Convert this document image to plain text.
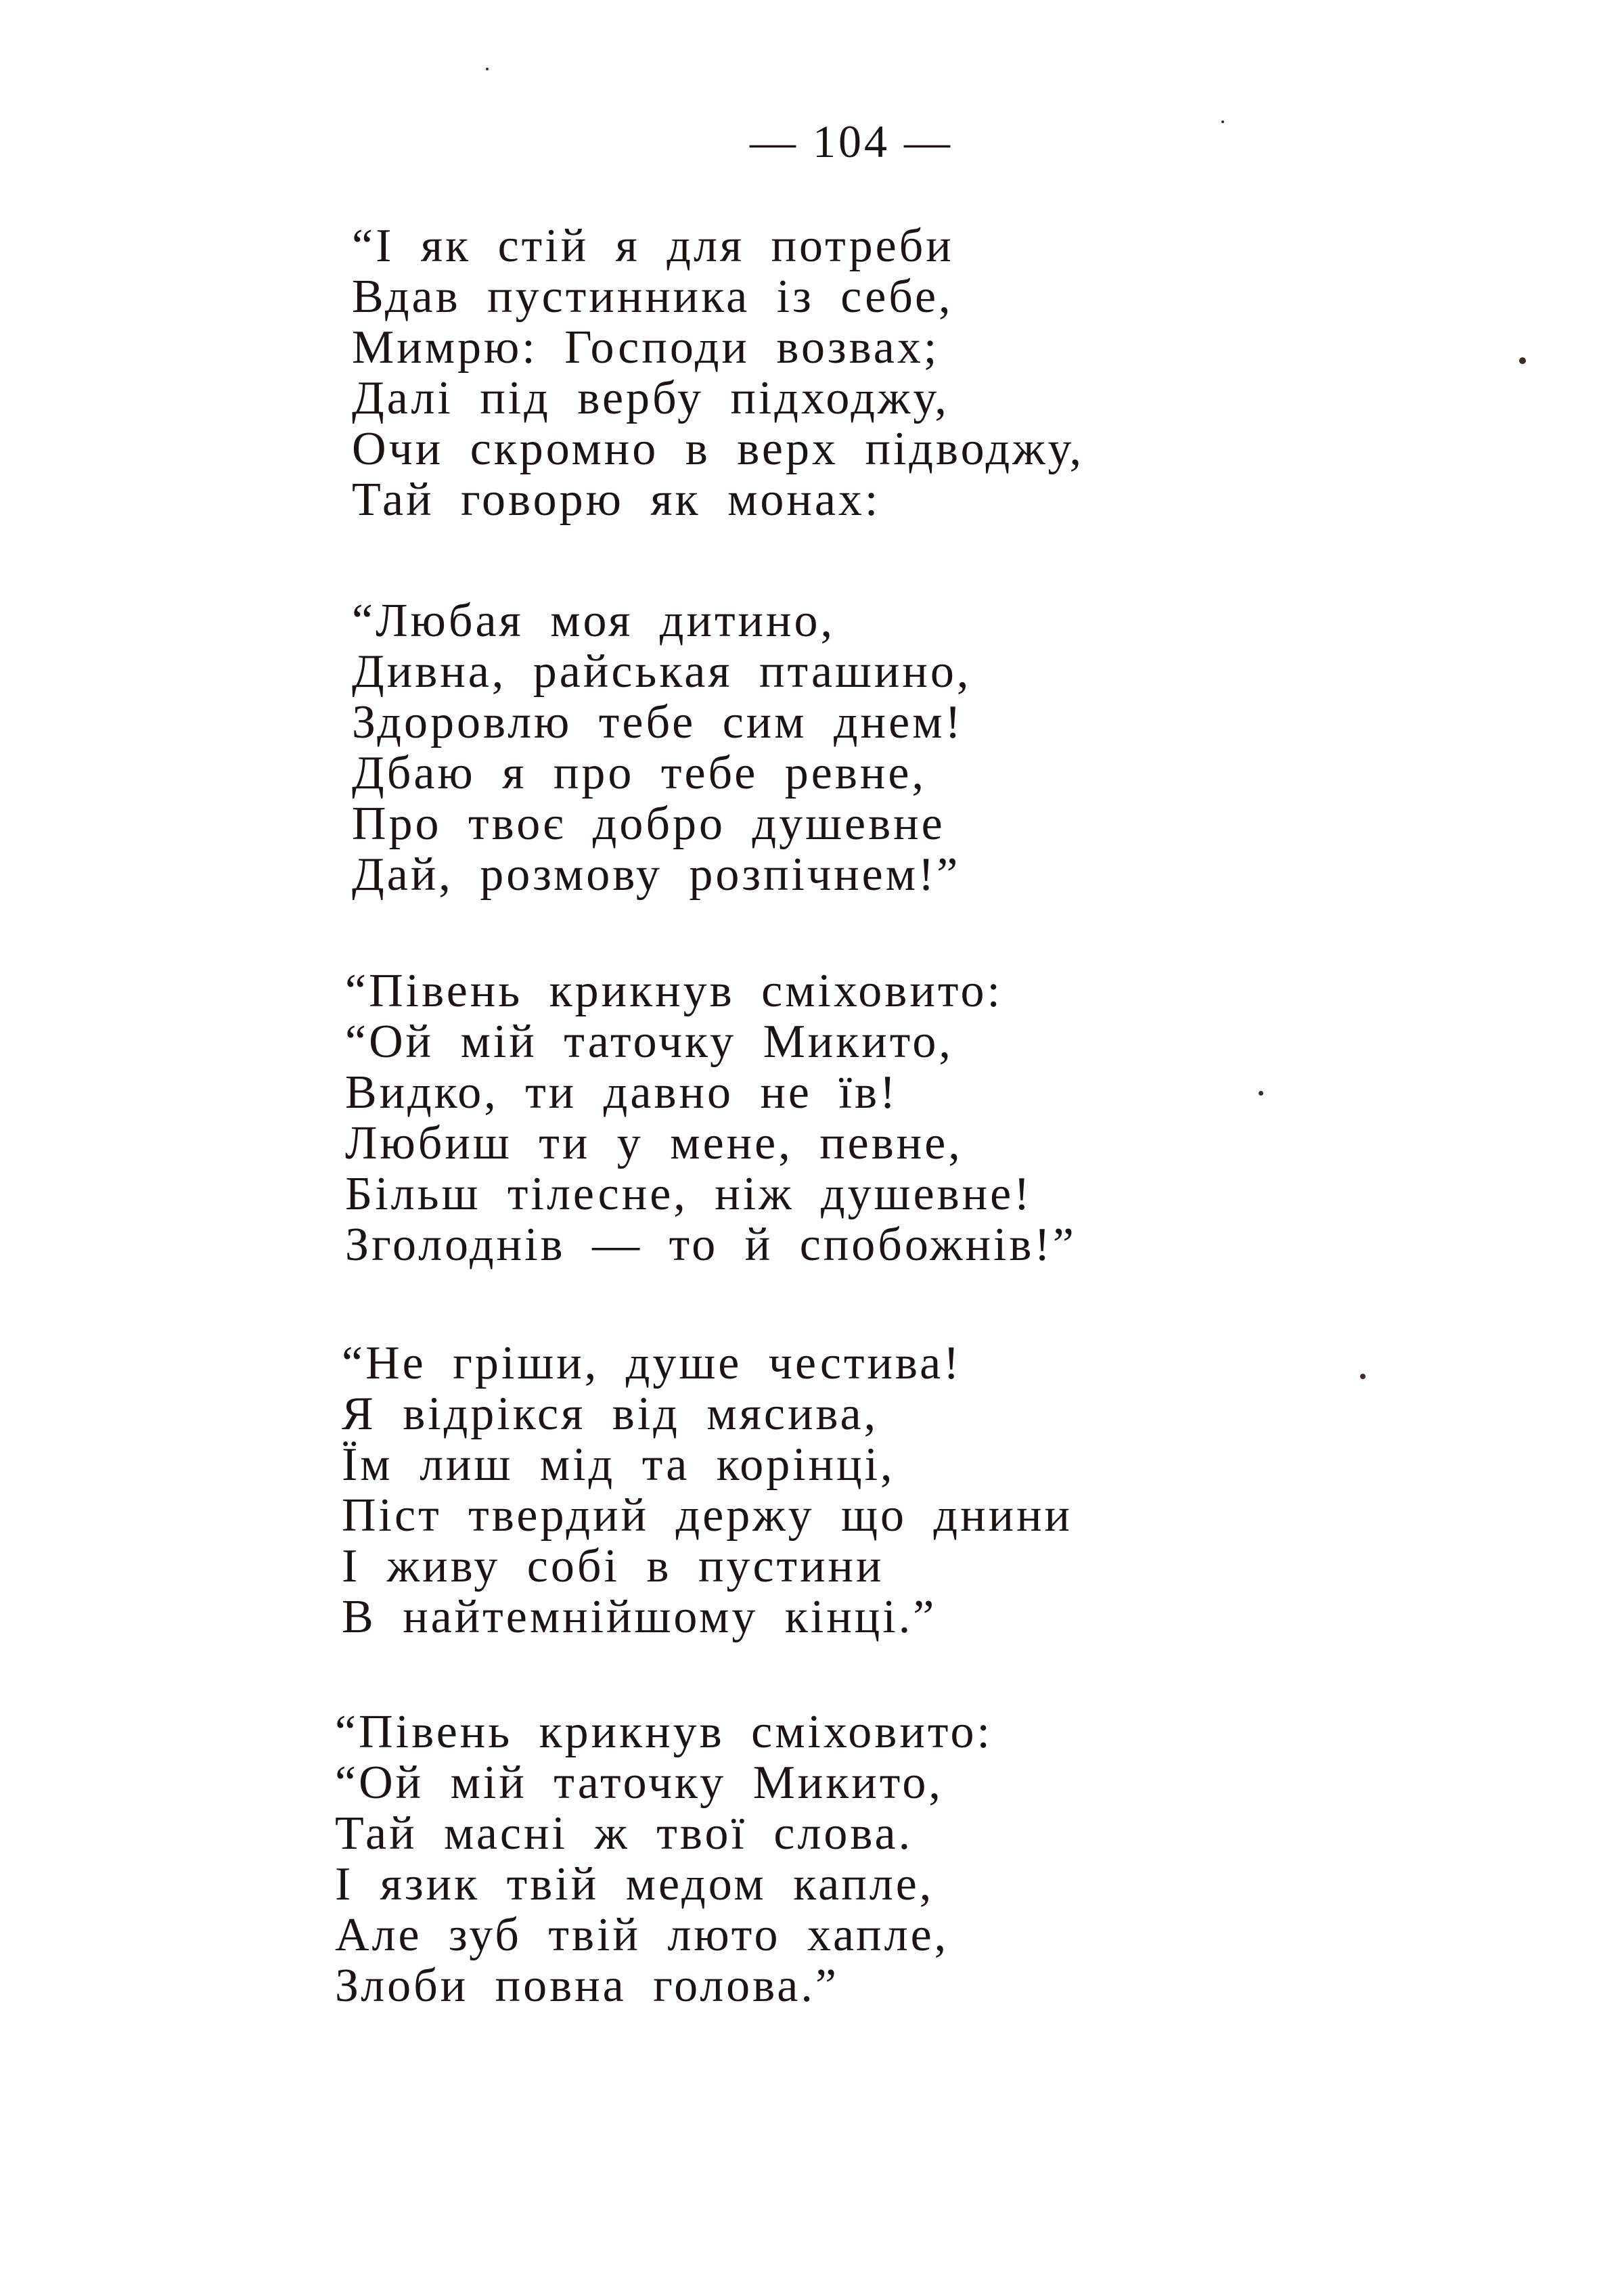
— 104 —
“І як стій я для потреби
Вдав пустинника із себе,
Мимрю: Господи возвах;
Далі під вербу підходжу,
Очи скромно в верх підводжу,
Тай говорю як монах:
“Любая моя дитино,
Дивна, райськая пташино,
Здоровлю тебе сим днем!
Дбаю я про тебе ревне,
Про твоє добро душевне
Дай, розмову розпічнем!”
“Півень крикнув сміховито:
“Ой мій таточку Микито,
Видко, ти давно не їв!
Любиш ти у мене, певне,
Більш тілесне, ніж душевне!
Зголоднів — то й спобожнів!”
“Не гріши, душе честива!
Я відрікся від мясива,
Їм лиш мід та корінці,
Піст твердий держу що днини
І живу собі в пустини
В найтемнійшому кінці.”
“Півень крикнув сміховито:
“Ой мій таточку Микито,
Тай масні ж твої слова.
І язик твій медом капле,
Але зуб твій люто хапле,
Злоби повна голова.”
